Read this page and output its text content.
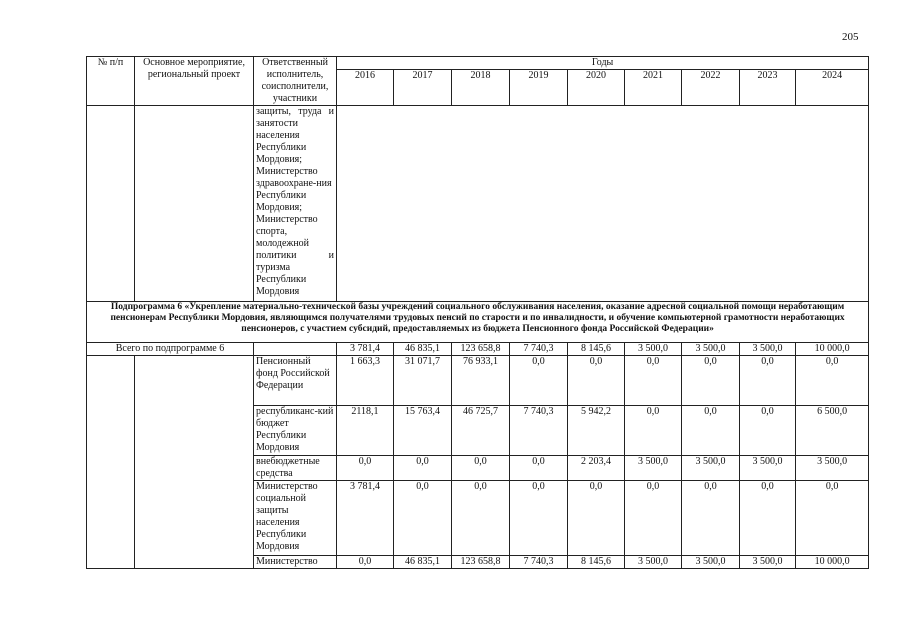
205
№ п/п	Основное мероприятие, региональный проект	Ответственный исполнитель, соисполнители, участники	Годы								
			2016	2017	2018	2019	2020	2021	2022	2023	2024
		защиты, труда и занятости населения Республики Мордовия; Министерство здравоохране-ния Республики Мордовия; Министерство спорта, молодежной политики и туризма Республики Мордовия									
Подпрограмма 6 «Укрепление материально-технической базы учреждений социального обслуживания населения, оказание адресной социальной помощи неработающим пенсионерам Республики Мордовия, являющимся получателями трудовых пенсий по старости и по инвалидности, и обучение компьютерной грамотности неработающих пенсионеров, с участием субсидий, предоставляемых из бюджета Пенсионного фонда Российской Федерации»											
Всего по подпрограмме 6			3 781,4	46 835,1	123 658,8	7 740,3	8 145,6	3 500,0	3 500,0	3 500,0	10 000,0
		Пенсионный фонд Российской Федерации	1 663,3	31 071,7	76 933,1	0,0	0,0	0,0	0,0	0,0	0,0
		республиканс-кий бюджет Республики Мордовия	2118,1	15 763,4	46 725,7	7 740,3	5 942,2	0,0	0,0	0,0	6 500,0
		внебюджетные средства	0,0	0,0	0,0	0,0	2 203,4	3 500,0	3 500,0	3 500,0	3 500,0
		Министерство социальной защиты населения Республики Мордовия	3 781,4	0,0	0,0	0,0	0,0	0,0	0,0	0,0	0,0
		Министерство	0,0	46 835,1	123 658,8	7 740,3	8 145,6	3 500,0	3 500,0	3 500,0	10 000,0
